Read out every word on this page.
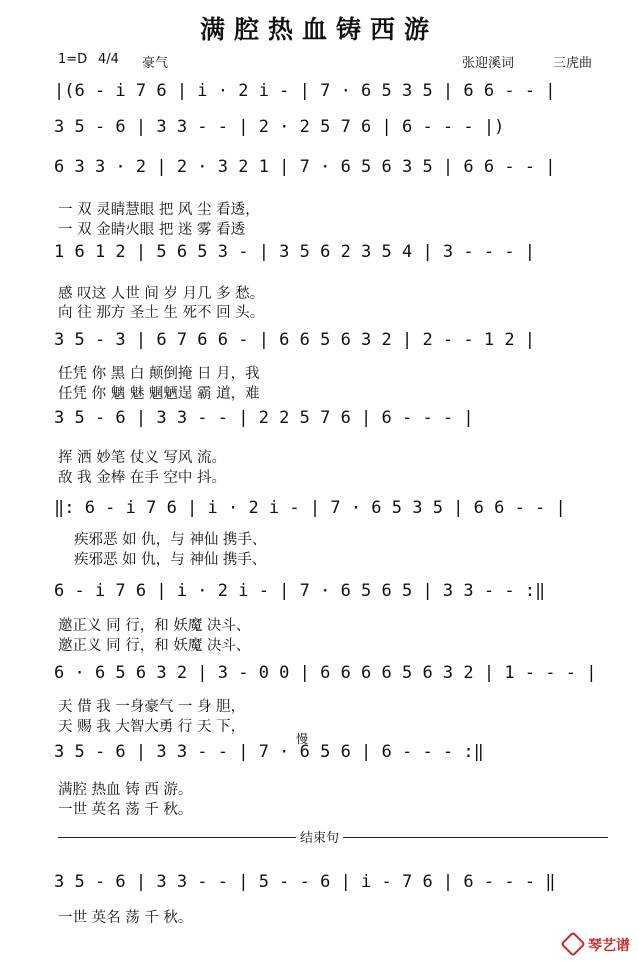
满腔热血铸西游
1=D 4/4 豪气	张迎溪词	三虎曲
|(6 - i 7 6 | i · 2 i - | 7 · 6 5 3 5 | 6 6 - - |
3 5 - 6 | 3 3 - - | 2 · 2 5 7 6 | 6 - - - |)
6 3 3 · 2 | 2 · 3 2 1 | 7 · 6 5 6 3 5 | 6 6 - - |
1 6 1 2 | 5 6 5 3 - | 3 5 6 2 3 5 4 | 3 - - - |
3 5 - 3 | 6 7 6 6 - | 6 6 5 6 3 2 | 2 - - 1 2 |
3 5 - 6 | 3 3 - - | 2 2 5 7 6 | 6 - - - |
‖: 6 - i 7 6 | i · 2 i - | 7 · 6 5 3 5 | 6 6 - - |
6 - i 7 6 | i · 2 i - | 7 · 6 5 6 5 | 3 3 - - :‖
6 · 6 5 6 3 2 | 3 - 0 0 | 6 6 6 6 5 6 3 2 | 1 - - - |
3 5 - 6 | 3 3 - - | 7 · 6 5 6 | 6 - - - :‖
3 5 - 6 | 3 3 - - | 5 - - 6 | i - 7 6 | 6 - - - ‖
一 双 灵睛慧眼 把 风 尘 看透，
一 双 金睛火眼 把 迷 雾 看透
感 叹这 人世 间 岁 月几 多 愁。
向 往 那方 圣土 生 死不 回 头。
任凭 你 黑 白 颠倒掩 日 月，我
任凭 你 魑 魅 魍魉逞 霸 道，难
挥 洒 妙笔 仗义 写风 流。
敌 我 金棒 在手 空中 抖。
疾邪恶 如 仇，与 神仙 携手、
疾邪恶 如 仇，与 神仙 携手、
邀正义 同 行，和 妖魔 决斗、
邀正义 同 行，和 妖魔 决斗、
天 借 我 一身豪气 一 身 胆，
天 赐 我 大智大勇 行 天 下，
满腔 热血 铸 西 游。
一世 英名 荡 千 秋。
一世 英名 荡 千 秋。
慢
结束句
琴艺谱
